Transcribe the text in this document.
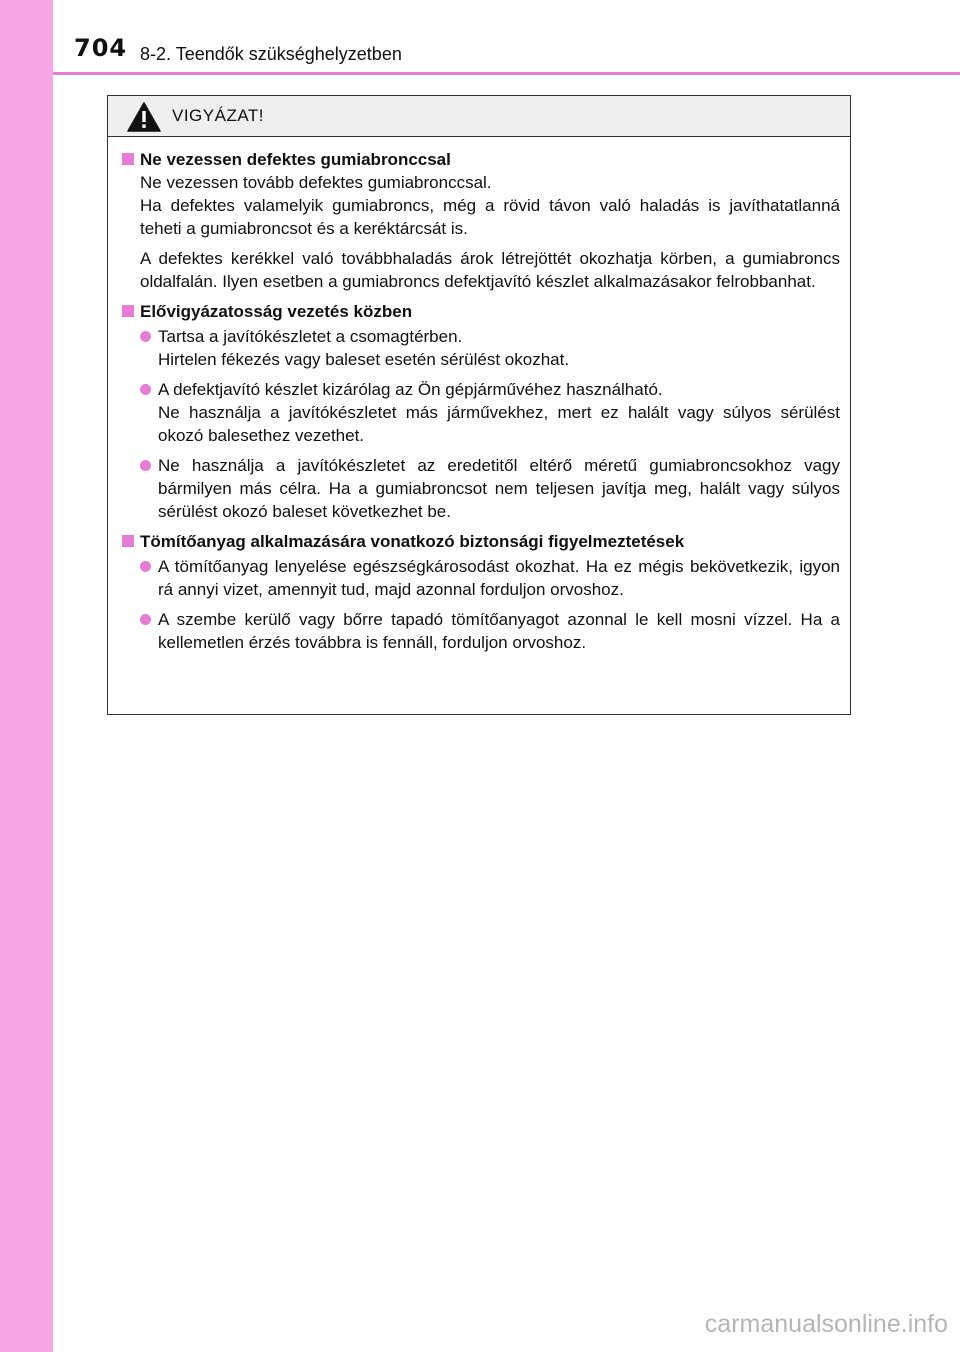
704 8-2. Teendők szükséghelyzetben
VIGYÁZAT!
Ne vezessen defektes gumiabronccsal
Ne vezessen tovább defektes gumiabronccsal.
Ha defektes valamelyik gumiabroncs, még a rövid távon való haladás is javíthatatlanná teheti a gumiabroncsot és a keréktárcsát is.
A defektes kerékkel való továbbhaladás árok létrejöttét okozhatja körben, a gumiabroncs oldalfalán. Ilyen esetben a gumiabroncs defektjavító készlet alkalmazásakor felrobbanhat.
Elővigyázatosság vezetés közben
Tartsa a javítókészletet a csomagtérben.
Hirtelen fékezés vagy baleset esetén sérülést okozhat.
A defektjavító készlet kizárólag az Ön gépjárművéhez használható.
Ne használja a javítókészletet más járművekhez, mert ez halált vagy súlyos sérülést okozó balesethez vezethet.
Ne használja a javítókészletet az eredetitől eltérő méretű gumiabroncsokhoz vagy bármilyen más célra. Ha a gumiabroncsot nem teljesen javítja meg, halált vagy súlyos sérülést okozó baleset következhet be.
Tömítőanyag alkalmazására vonatkozó biztonsági figyelmeztetések
A tömítőanyag lenyelése egészségkárosodást okozhat. Ha ez mégis bekövetkezik, igyon rá annyi vizet, amennyit tud, majd azonnal forduljon orvoshoz.
A szembe kerülő vagy bőrre tapadó tömítőanyagot azonnal le kell mosni vízzel. Ha a kellemetlen érzés továbbra is fennáll, forduljon orvoshoz.
carmanualsonline.info
